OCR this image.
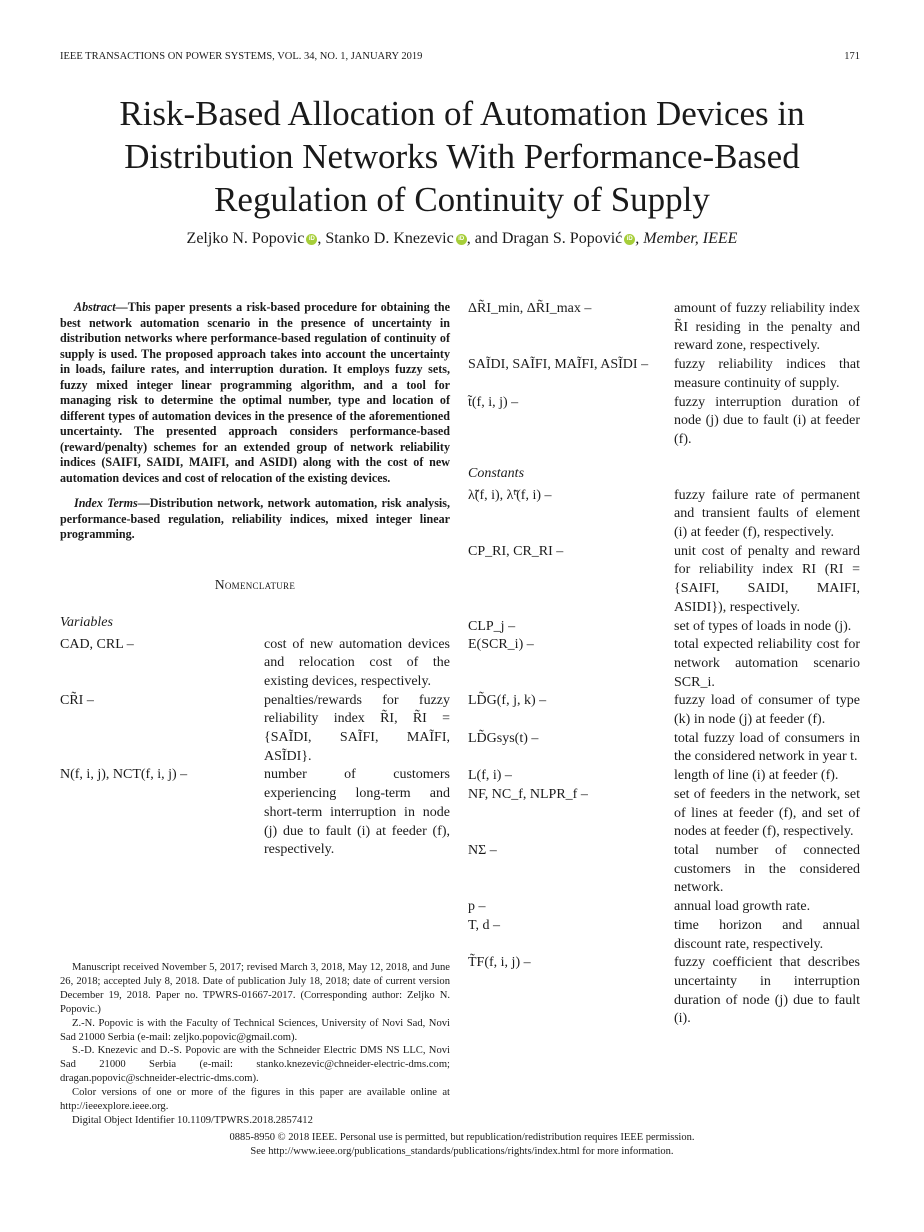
IEEE TRANSACTIONS ON POWER SYSTEMS, VOL. 34, NO. 1, JANUARY 2019	171
Risk-Based Allocation of Automation Devices in Distribution Networks With Performance-Based Regulation of Continuity of Supply
Zeljko N. Popovic iD , Stanko D. Knezevic iD , and Dragan S. Popović iD , Member, IEEE

Abstract—This paper presents a risk-based procedure for obtaining the best network automation scenario in the presence of uncertainty in distribution networks where performance-based regulation of continuity of supply is used. The proposed approach takes into account the uncertainty in loads, failure rates, and interruption duration. It employs fuzzy sets, fuzzy mixed integer linear programming algorithm, and a tool for managing risk to determine the optimal number, type and location of different types of automation devices in the presence of the aforementioned uncertainty. The presented approach considers performance-based (reward/penalty) schemes for an extended group of network reliability indices (SAIFI, SAIDI, MAIFI, and ASIDI) along with the cost of new automation devices and cost of relocation of the existing devices.

Index Terms—Distribution network, network automation, risk analysis, performance-based regulation, reliability indices, mixed integer linear programming.

Nomenclature
Variables
CAD, CRL –	cost of new automation devices and relocation cost of the existing devices, respectively.
CR̃I –	penalties/rewards for fuzzy reliability index R̃I, R̃I = {SAĨDI, SAĨFI, MAĨFI, ASĨDI}.
N(f, i, j), NCT(f, i, j) –	number of customers experiencing long-term and short-term interruption in node (j) due to fault (i) at feeder (f), respectively.

Manuscript received November 5, 2017; revised March 3, 2018, May 12, 2018, and June 26, 2018; accepted July 8, 2018. Date of publication July 18, 2018; date of current version December 19, 2018. Paper no. TPWRS-01667-2017. (Corresponding author: Zeljko N. Popovic.)

Z.-N. Popovic is with the Faculty of Technical Sciences, University of Novi Sad, Novi Sad 21000 Serbia (e-mail: zeljko.popovic@gmail.com).

S.-D. Knezevic and D.-S. Popovic are with the Schneider Electric DMS NS LLC, Novi Sad 21000 Serbia (e-mail: stanko.knezevic@chneider-electric-dms.com; dragan.popovic@schneider-electric-dms.com).

Color versions of one or more of the figures in this paper are available online at http://ieeexplore.ieee.org.

Digital Object Identifier 10.1109/TPWRS.2018.2857412

ΔR̃I_min, ΔR̃I_max –	amount of fuzzy reliability index R̃I residing in the penalty and reward zone, respectively.
SAĨDI, SAĨFI, MAĨFI, ASĨDI –	fuzzy reliability indices that measure continuity of supply.
t̃(f, i, j) –	fuzzy interruption duration of node (j) due to fault (i) at feeder (f).
Constants
λ̃(f, i), λ̃ᵗ(f, i) –	fuzzy failure rate of permanent and transient faults of element (i) at feeder (f), respectively.
CP_RI, CR_RI –	unit cost of penalty and reward for reliability index RI (RI = {SAIFI, SAIDI, MAIFI, ASIDI}), respectively.
CLP_j –	set of types of loads in node (j).
E(SCR_i) –	total expected reliability cost for network automation scenario SCR_i.
LD̃G(f, j, k) –	fuzzy load of consumer of type (k) in node (j) at feeder (f).
LD̃Gsys(t) –	total fuzzy load of consumers in the considered network in year t.
L(f, i) –	length of line (i) at feeder (f).
NF, NC_f, NLPR_f –	set of feeders in the network, set of lines at feeder (f), and set of nodes at feeder (f), respectively.
NΣ –	total number of connected customers in the considered network.
p –	annual load growth rate.
T, d –	time horizon and annual discount rate, respectively.
T̃F(f, i, j) –	fuzzy coefficient that describes uncertainty in interruption duration of node (j) due to fault (i).

0885-8950 © 2018 IEEE. Personal use is permitted, but republication/redistribution requires IEEE permission.

See http://www.ieee.org/publications_standards/publications/rights/index.html for more information.
